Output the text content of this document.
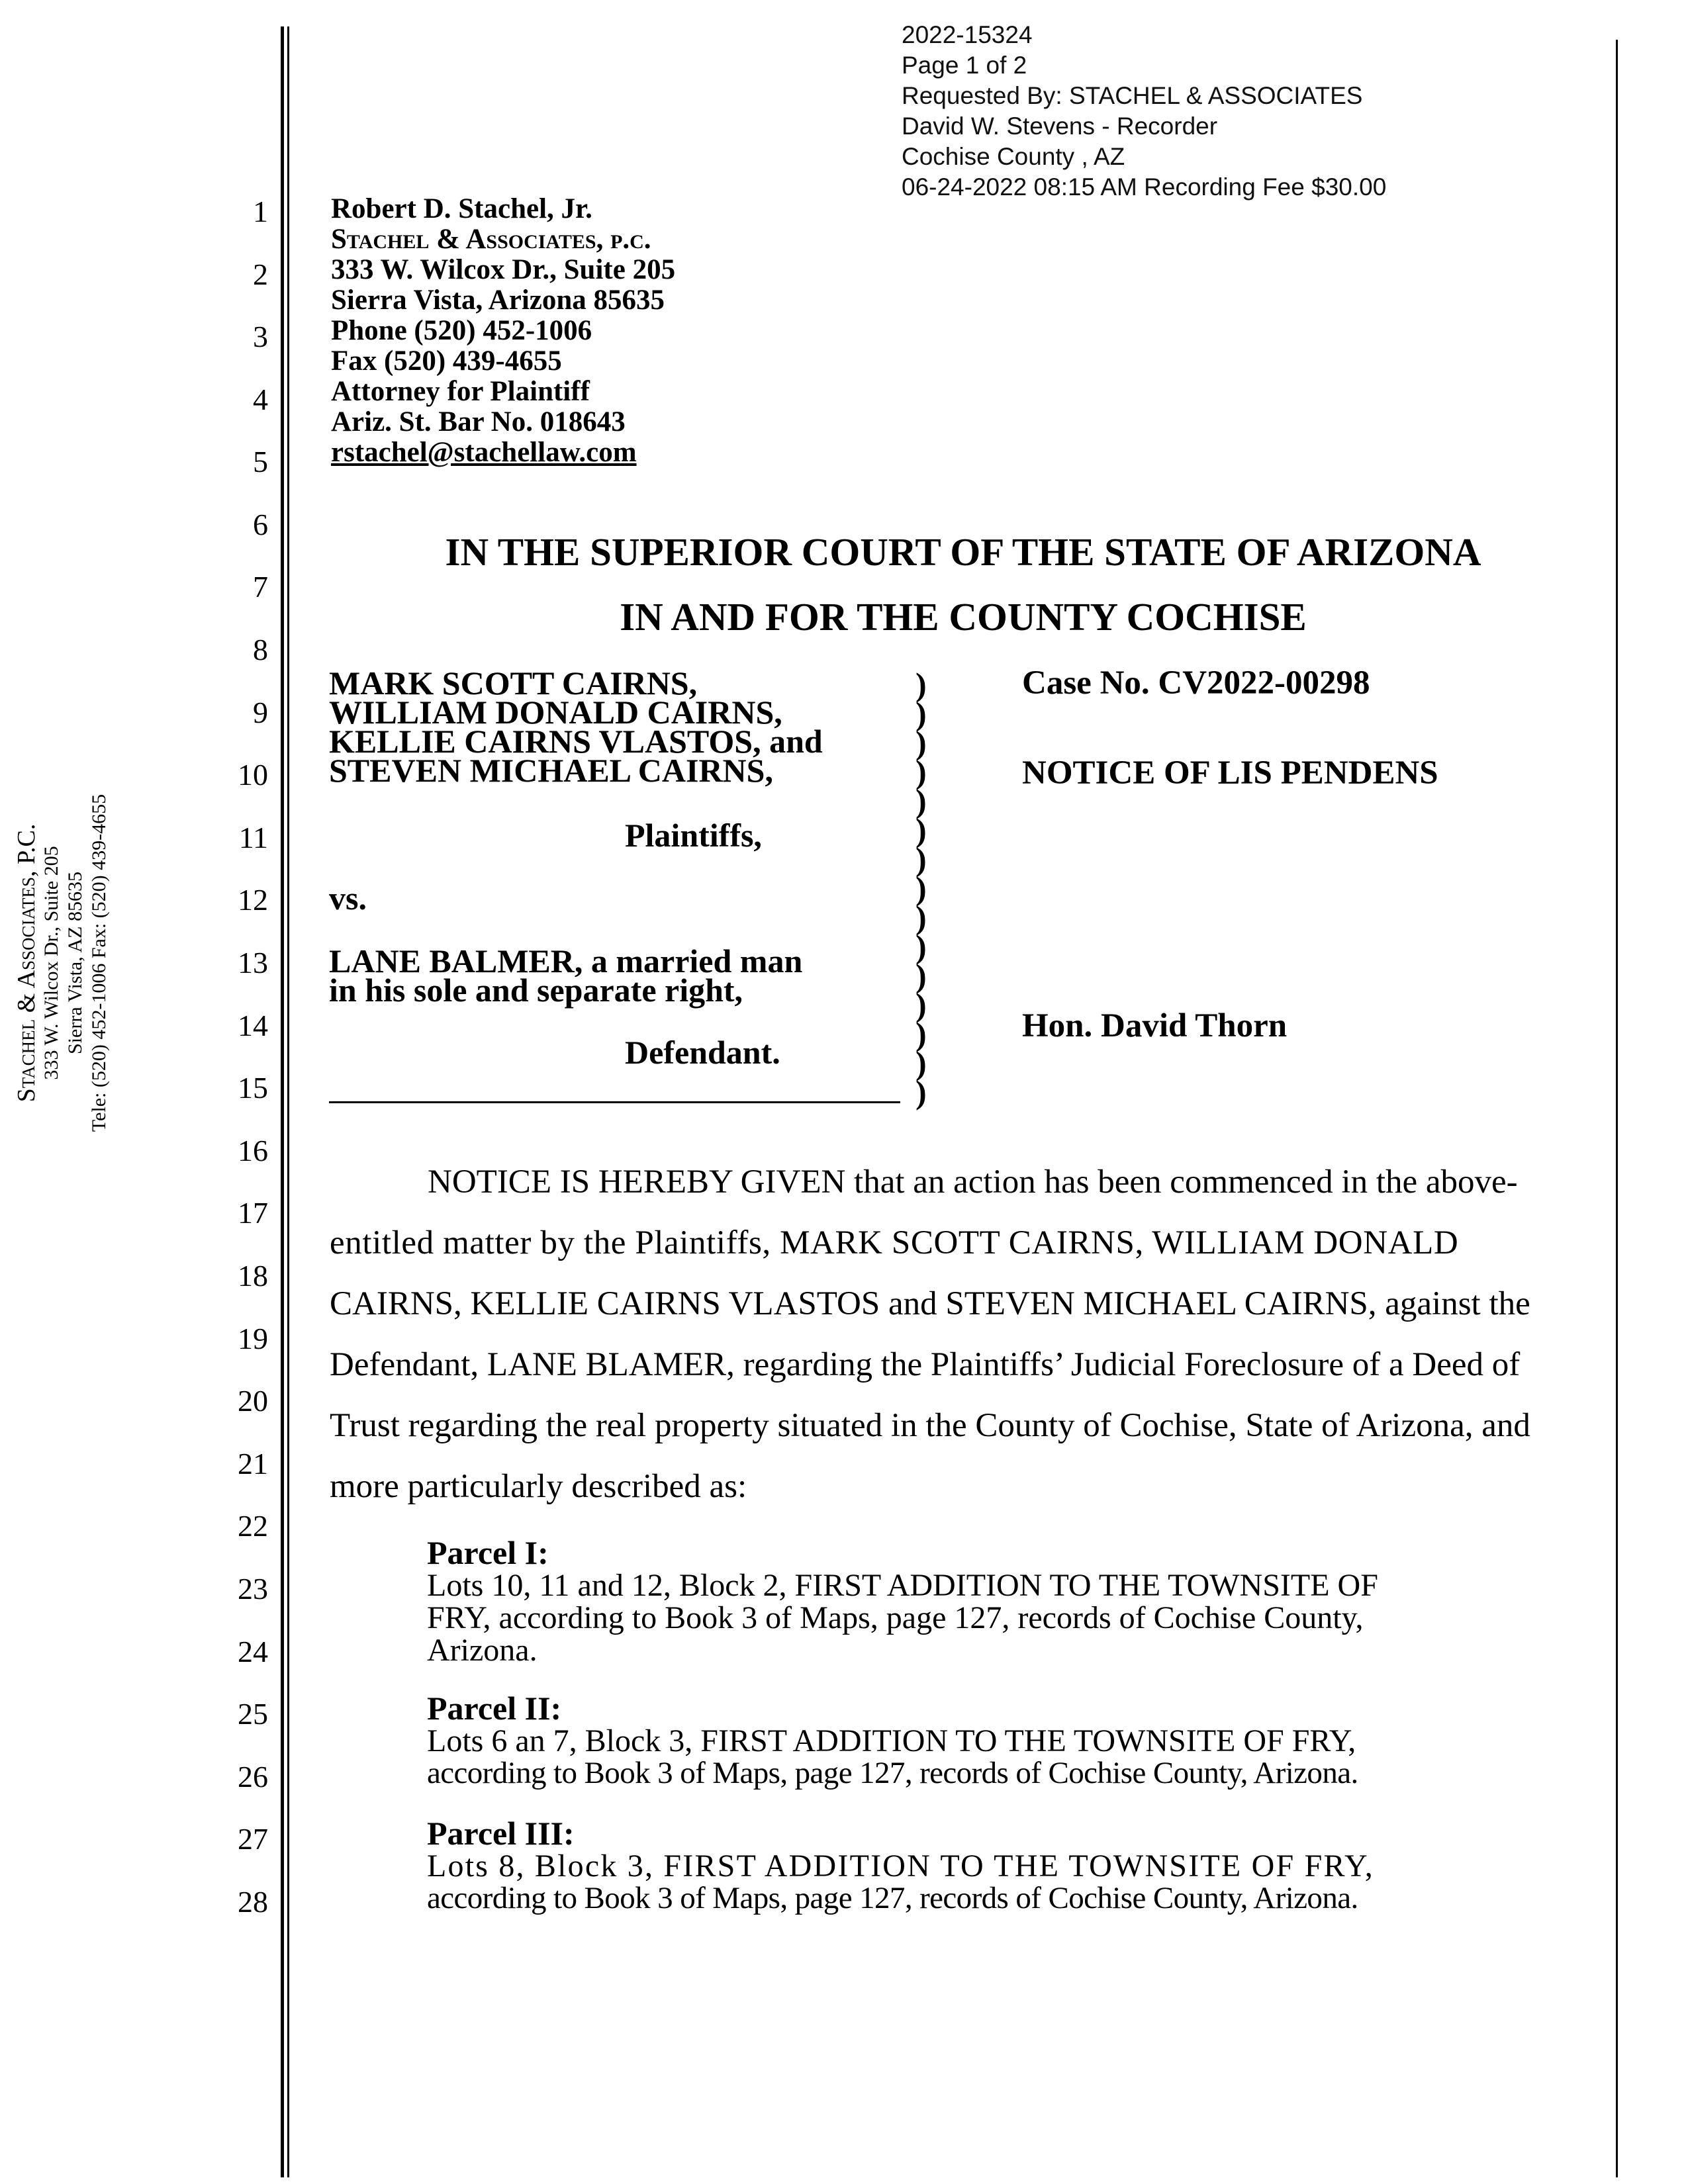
2022-15324
Page 1 of 2
Requested By: STACHEL & ASSOCIATES
David W. Stevens - Recorder
Cochise County , AZ
06-24-2022 08:15 AM Recording Fee $30.00
1
2
3
4
5
6
7
8
9
10
11
12
13
14
15
16
17
18
19
20
21
22
23
24
25
26
27
28
Stachel & Associates, P.C. 333 W. Wilcox Dr., Suite 205 Sierra Vista, AZ 85635 Tele: (520) 452-1006 Fax: (520) 439-4655
Robert D. Stachel, Jr.
Stachel & Associates, p.c.
333 W. Wilcox Dr., Suite 205
Sierra Vista, Arizona 85635
Phone (520) 452-1006
Fax (520) 439-4655
Attorney for Plaintiff
Ariz. St. Bar No. 018643
rstachel@stachellaw.com
IN THE SUPERIOR COURT OF THE STATE OF ARIZONA
IN AND FOR THE COUNTY COCHISE
MARK SCOTT CAIRNS,
WILLIAM DONALD CAIRNS,
KELLIE CAIRNS VLASTOS, and
STEVEN MICHAEL CAIRNS,
Plaintiffs,
vs.
LANE BALMER, a married man
in his sole and separate right,
Defendant.
)
)
)
)
)
)
)
)
)
)
)
)
)
)
)
Case No. CV2022-00298
NOTICE OF LIS PENDENS
Hon. David Thorn
NOTICE IS HEREBY GIVEN that an action has been commenced in the above-
entitled matter by the Plaintiffs, MARK SCOTT CAIRNS, WILLIAM DONALD
CAIRNS, KELLIE CAIRNS VLASTOS and STEVEN MICHAEL CAIRNS, against the
Defendant, LANE BLAMER, regarding the Plaintiffs’ Judicial Foreclosure of a Deed of
Trust regarding the real property situated in the County of Cochise, State of Arizona, and
more particularly described as:
Parcel I:
Lots 10, 11 and 12, Block 2, FIRST ADDITION TO THE TOWNSITE OF
FRY, according to Book 3 of Maps, page 127, records of Cochise County,
Arizona.
Parcel II:
Lots 6 an 7, Block 3, FIRST ADDITION TO THE TOWNSITE OF FRY,
according to Book 3 of Maps, page 127, records of Cochise County, Arizona.
Parcel III:
Lots 8, Block 3, FIRST ADDITION TO THE TOWNSITE OF FRY,
according to Book 3 of Maps, page 127, records of Cochise County, Arizona.
